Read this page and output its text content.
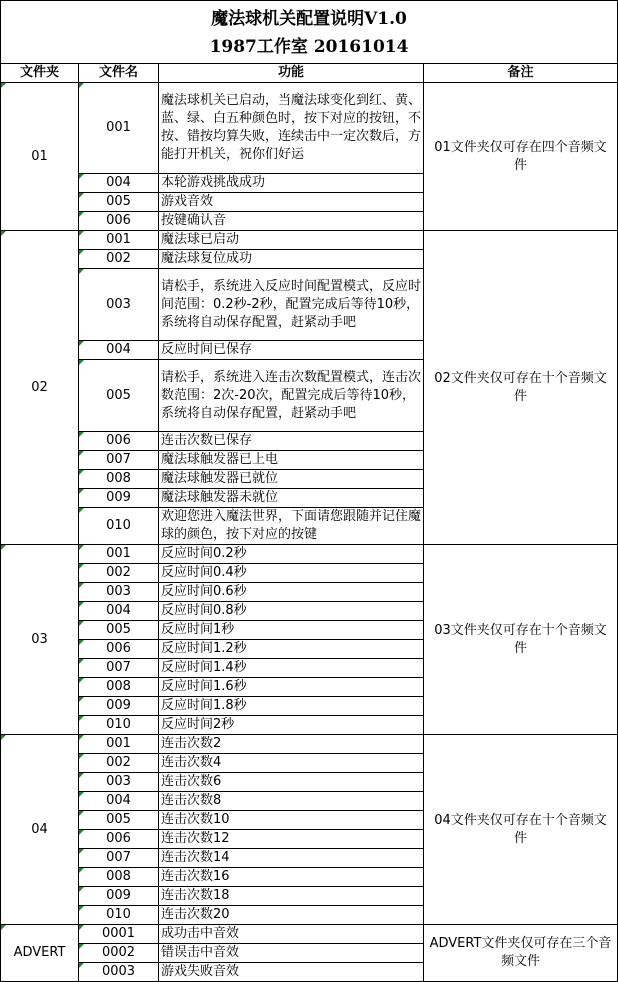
魔法球机关配置说明V1.0
1987工作室 20161014			

文件夹	文件名	功能	备注
01	001	魔法球机关已启动，当魔法球变化到红、黄、蓝、绿、白五种颜色时，按下对应的按钮，不按、错按均算失败，连续击中一定次数后，方能打开机关，祝你们好运	01文件夹仅可存在四个音频文件
	004	本轮游戏挑战成功	
	005	游戏音效	
	006	按键确认音	
02	001	魔法球已启动	02文件夹仅可存在十个音频文件
	002	魔法球复位成功	
	003	请松手，系统进入反应时间配置模式，反应时间范围：0.2秒-2秒，配置完成后等待10秒，系统将自动保存配置，赶紧动手吧	
	004	反应时间已保存	
	005	请松手，系统进入连击次数配置模式，连击次数范围：2次-20次，配置完成后等待10秒，系统将自动保存配置，赶紧动手吧	
	006	连击次数已保存	
	007	魔法球触发器已上电	
	008	魔法球触发器已就位	
	009	魔法球触发器未就位	
	010	欢迎您进入魔法世界，下面请您跟随并记住魔球的颜色，按下对应的按键	
03	001	反应时间0.2秒	03文件夹仅可存在十个音频文件
	002	反应时间0.4秒	
	003	反应时间0.6秒	
	004	反应时间0.8秒	
	005	反应时间1秒	
	006	反应时间1.2秒	
	007	反应时间1.4秒	
	008	反应时间1.6秒	
	009	反应时间1.8秒	
	010	反应时间2秒	
04	001	连击次数2	04文件夹仅可存在十个音频文件
	002	连击次数4	
	003	连击次数6	
	004	连击次数8	
	005	连击次数10	
	006	连击次数12	
	007	连击次数14	
	008	连击次数16	
	009	连击次数18	
	010	连击次数20	
ADVERT	0001	成功击中音效	ADVERT文件夹仅可存在三个音频文件
	0002	错误击中音效	
	0003	游戏失败音效	
